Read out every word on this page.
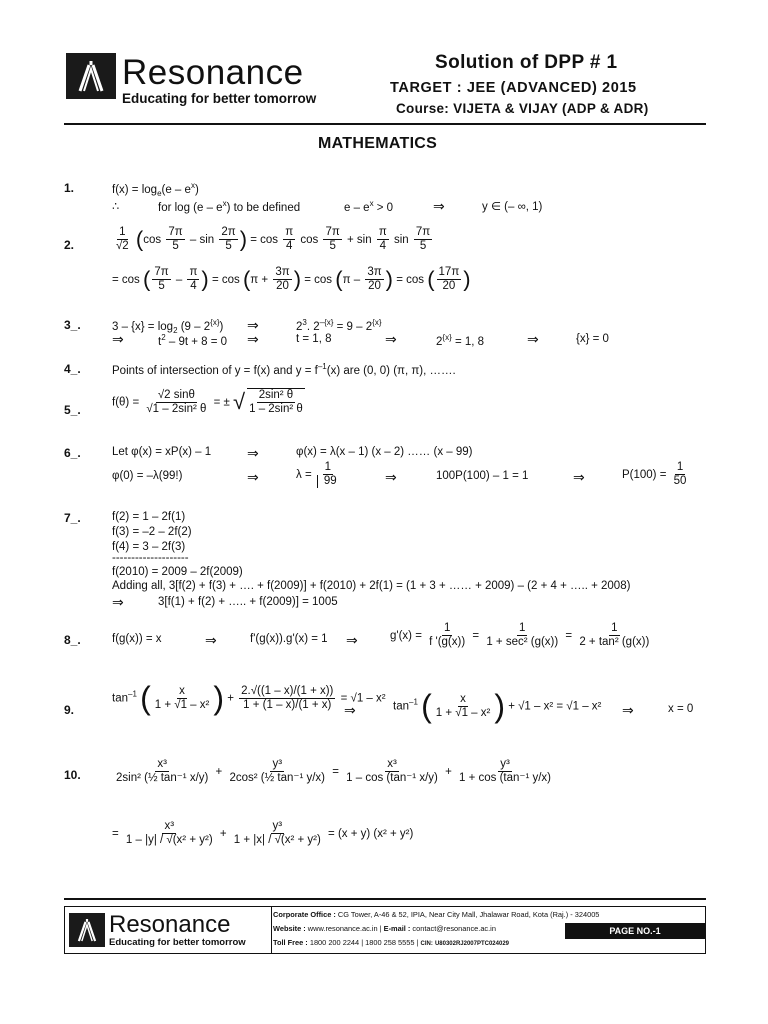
Resonance
Educating for better tomorrow
Solution of DPP # 1
TARGET : JEE (ADVANCED) 2015
Course: VIJETA & VIJAY (ADP & ADR)
MATHEMATICS
1.	$f(x) = \log_e(e - e^x)$
∴	for $\log (e - e^x)$ to be defined	$e - e^x > 0$	⇒	y ∈ (– ∞, 1)
2.	$\frac{1}{√2} (\cos \frac{7\pi}{5}$ – $\sin \frac{2\pi}{5}$ ) = $\cos \frac{\pi}{4}$ $\cos \frac{7\pi}{5} + \sin \frac{\pi}{4}$ $\sin \frac{7\pi}{5}$
= cos ( $\frac{7\pi}{5} - \frac{\pi}{4}$ ) = $\cos (\pi + \frac{3\pi}{20}$ ) = $\cos (\pi - \frac{3\pi}{20}$ ) = cos ( $\frac{17\pi}{20}$ )
3_.	$3 - \{x\} = \log_2 (9 - 2^{\{x\}})$ ⇒	$2^3$. $2^{-\{x\}} = 9 - 2^{\{x\}}$
⇒	$t^2 - 9t + 8 = 0$ ⇒	t = 1, 8	⇒	$2^{\{x\}} = 1$, 8	⇒	{x} = 0
4_.	Points of intersection of y = f(x) and $y = f^{-1}(x)$ are (0, 0) (π, π), …….
5_.
$f(\theta) = \frac{√2 \sin\theta}{\text{√1 – 2sin² θ}}$ = ± √ $\frac{\text{2sin² θ}}{\text{1 – 2sin² θ}}$
6_.	Let φ(x) = xP(x) – 1	⇒	φ(x) = λ(x – 1) (x – 2) …… (x – 99)
φ(0) = –λ(99!)	⇒	$\lambda = \frac{1}{99}$	⇒	100P(100) – 1 = 1	⇒	$P(100) = \frac{1}{50}$
7_.	f(2) = 1 – 2f(1)
f(3) = –2 – 2f(2)
f(4) = 3 – 2f(3)
--------------------
f(2010) = 2009 – 2f(2009)
Adding all, 3[f(2) + f(3) + …. + f(2009)] + f(2010) + 2f(1) = (1 + 3 + …… + 2009) – (2 + 4 + ….. + 2008)
⇒	3[f(1) + f(2) + ….. + f(2009)] = 1005
8_.	f(g(x)) = x	⇒	f'(g(x)).g'(x) = 1 ⇒	$g'(x) = \frac{1}{f '(g(x))} = \frac{1}{\text{1 + sec² (g(x))}} = \frac{1}{\text{2 + tan² (g(x))}}$
9.
$\tan^{-1}$ ( $\frac{x}{\text{1 + √1 – x²}}$ ) + $\frac{2.√((1 - x)/(1 + x))}{1 + (1 - x)/(1 + x)} = √1 - x^2$
⇒	$\tan^{-1}$ ( $\frac{x}{\text{1 + √1 – x²}}$ ) + √1 – x² = √1 – x² ⇒	x = 0
10.	$\frac{\text{x³}}{\text{2sin² (½ tan⁻¹ x/y)}} + \frac{\text{y³}}{\text{2cos² (½ tan⁻¹ y/x)}} = \frac{\text{x³}}{\text{1 – cos (tan⁻¹ x/y)}} + \frac{\text{y³}}{\text{1 + cos (tan⁻¹ y/x)}}$
= $\frac{\text{x³}}{\text{1 – |y| / √(x² + y²)}} + \frac{\text{y³}}{\text{1 + |x| / √(x² + y²)}} = (x + y) (x^2 + y^2)$
Resonance
Educating for better tomorrow
Corporate Office : CG Tower, A-46 & 52, IPIA, Near City Mall, Jhalawar Road, Kota (Raj.) - 324005
Website : www.resonance.ac.in | E-mail : contact@resonance.ac.in
Toll Free : 1800 200 2244 | 1800 258 5555 | CIN: U80302RJ2007PTC024029
PAGE NO.-1
